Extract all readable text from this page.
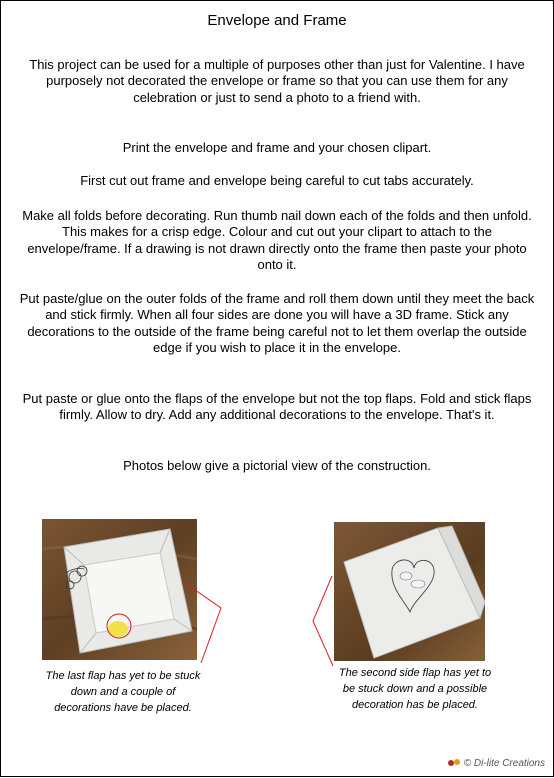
Envelope and Frame
This project can be used for a multiple of purposes other than just for Valentine. I have purposely not decorated the envelope or frame so that you can use them for any celebration or just to send a photo to a friend with.
Print the envelope and frame and your chosen clipart.
First cut out frame and envelope being careful to cut tabs accurately.
Make all folds before decorating. Run thumb nail down each of the folds and then unfold. This makes for a crisp edge. Colour and cut out your clipart to attach to the envelope/frame. If a drawing is not drawn directly onto the frame then paste your photo onto it.
Put paste/glue on the outer folds of the frame and roll them down until they meet the back and stick firmly. When all four sides are done you will have a 3D frame. Stick any decorations to the outside of the frame being careful not to let them overlap the outside edge if you wish to place it in the envelope.
Put paste or glue onto the flaps of the envelope but not the top flaps. Fold and stick flaps firmly. Allow to dry. Add any additional decorations to the envelope. That's it.
Photos below give a pictorial view of the construction.
The last flap has yet to be stuck down and a couple of decorations have be placed.
The second side flap has yet to be stuck down and a possible decoration has be placed.
© Di-lite Creations
